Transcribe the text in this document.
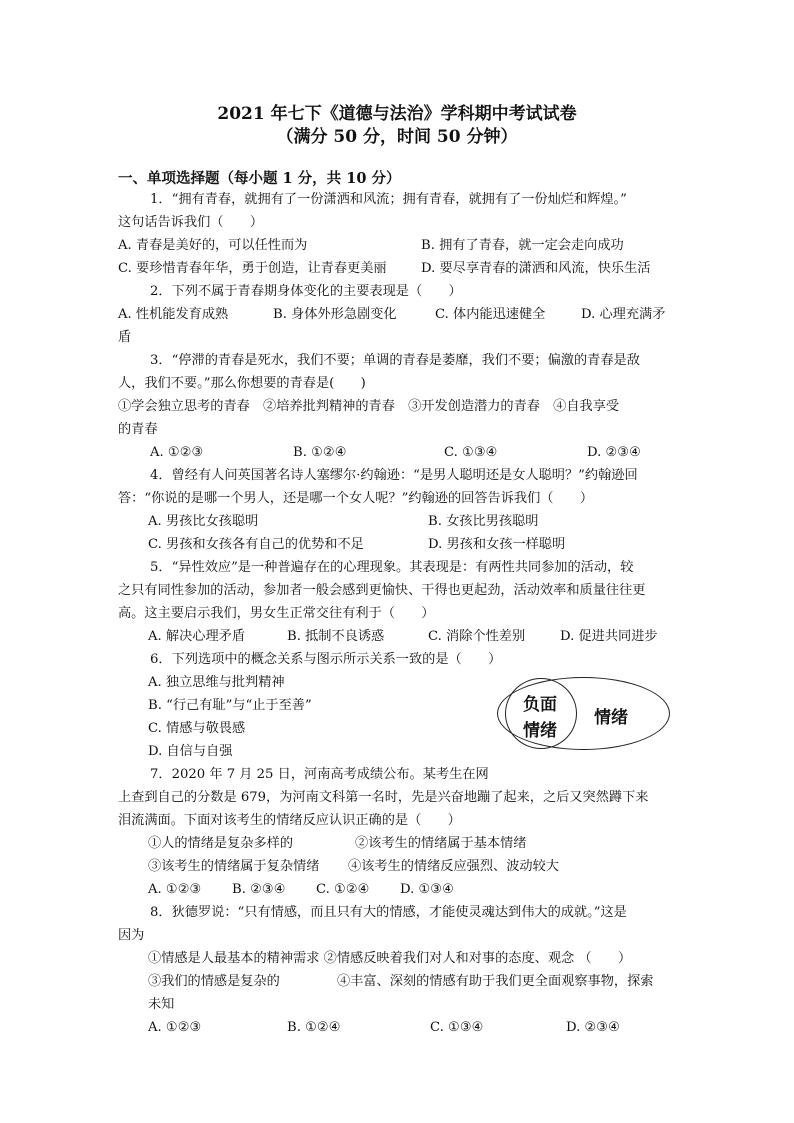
2021 年七下《道德与法治》学科期中考试试卷
（满分 50 分，时间 50 分钟）
一、单项选择题（每小题 1 分，共 10 分）
1．“拥有青春，就拥有了一份潇洒和风流；拥有青春，就拥有了一份灿烂和辉煌。”
这句话告诉我们（　　）
A. 青春是美好的，可以任性而为	B. 拥有了青春，就一定会走向成功
C. 要珍惜青春年华，勇于创造，让青春更美丽	D. 要尽享青春的潇洒和风流，快乐生活
2．下列不属于青春期身体变化的主要表现是（　　）
A. 性机能发育成熟	B. 身体外形急剧变化	C. 体内能迅速健全	D. 心理充满矛
盾
3．“停滞的青春是死水，我们不要；单调的青春是萎靡，我们不要；偏激的青春是敌
人，我们不要。”那么你想要的青春是(　　)
①学会独立思考的青春　②培养批判精神的青春　③开发创造潜力的青春　④自我享受
的青春
A. ①②③	B. ①②④	C. ①③④	D. ②③④
4．曾经有人问英国著名诗人塞缪尔·约翰逊：“是男人聪明还是女人聪明？”约翰逊回
答：“你说的是哪一个男人，还是哪一个女人呢？”约翰逊的回答告诉我们（　　）
A. 男孩比女孩聪明	B. 女孩比男孩聪明
C. 男孩和女孩各有自己的优势和不足	D. 男孩和女孩一样聪明
5．“异性效应”是一种普遍存在的心理现象。其表现是：有两性共同参加的活动，较
之只有同性参加的活动，参加者一般会感到更愉快、干得也更起劲，活动效率和质量往往更
高。这主要启示我们，男女生正常交往有利于（　　）
A. 解决心理矛盾	B. 抵制不良诱惑	C. 消除个性差别	D. 促进共同进步
6．下列选项中的概念关系与图示所示关系一致的是（　　）
A. 独立思维与批判精神
B. “行己有耻”与“止于至善”
C. 情感与敬畏感
D. 自信与自强
负面
情绪
情绪
7．2020 年 7 月 25 日，河南高考成绩公布。某考生在网
上查到自己的分数是 679，为河南文科第一名时，先是兴奋地蹦了起来，之后又突然蹲下来
泪流满面。下面对该考生的情绪反应认识正确的是（　　）
①人的情绪是复杂多样的	②该考生的情绪属于基本情绪
③该考生的情绪属于复杂情绪 ④该考生的情绪反应强烈、波动较大
A. ①②③ B. ②③④ C. ①②④ D. ①③④
8．狄德罗说：“只有情感，而且只有大的情感，才能使灵魂达到伟大的成就。”这是
因为
①情感是人最基本的精神需求 ②情感反映着我们对人和对事的态度、观念 （　　）
③我们的情感是复杂的	④丰富、深刻的情感有助于我们更全面观察事物，探索
未知
A. ①②③	B. ①②④	C. ①③④	D. ②③④
